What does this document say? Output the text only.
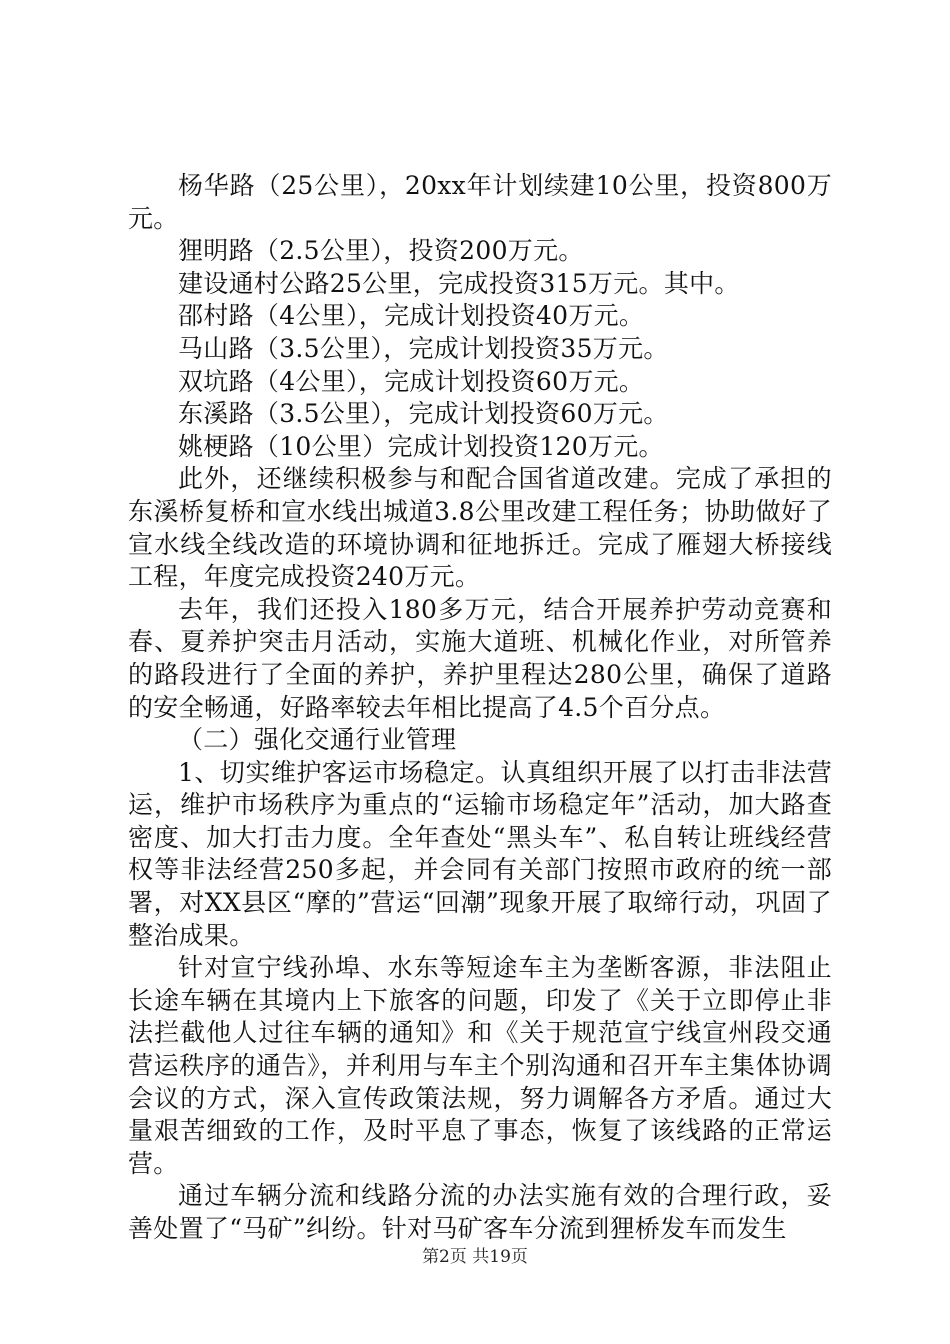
杨华路（25公里），20xx年计划续建10公里，投资800万元。

狸明路（2.5公里），投资200万元。

建设通村公路25公里，完成投资315万元。其中。

邵村路（4公里），完成计划投资40万元。

马山路（3.5公里），完成计划投资35万元。

双坑路（4公里），完成计划投资60万元。

东溪路（3.5公里），完成计划投资60万元。

姚梗路（10公里）完成计划投资120万元。

此外，还继续积极参与和配合国省道改建。完成了承担的东溪桥复桥和宣水线出城道3.8公里改建工程任务；协助做好了宣水线全线改造的环境协调和征地拆迁。完成了雁翅大桥接线工程，年度完成投资240万元。

去年，我们还投入180多万元，结合开展养护劳动竞赛和春、夏养护突击月活动，实施大道班、机械化作业，对所管养的路段进行了全面的养护，养护里程达280公里，确保了道路的安全畅通，好路率较去年相比提高了4.5个百分点。

（二）强化交通行业管理

1、切实维护客运市场稳定。认真组织开展了以打击非法营运，维护市场秩序为重点的“运输市场稳定年”活动，加大路查密度、加大打击力度。全年查处“黑头车”、私自转让班线经营权等非法经营250多起，并会同有关部门按照市政府的统一部署，对XX县区“摩的”营运“回潮”现象开展了取缔行动，巩固了整治成果。

针对宣宁线孙埠、水东等短途车主为垄断客源，非法阻止长途车辆在其境内上下旅客的问题，印发了《关于立即停止非法拦截他人过往车辆的通知》和《关于规范宣宁线宣州段交通营运秩序的通告》，并利用与车主个别沟通和召开车主集体协调会议的方式，深入宣传政策法规，努力调解各方矛盾。通过大量艰苦细致的工作，及时平息了事态，恢复了该线路的正常运营。

通过车辆分流和线路分流的办法实施有效的合理行政，妥善处置了“马矿”纠纷。针对马矿客车分流到狸桥发车而发生

第2页 共19页
